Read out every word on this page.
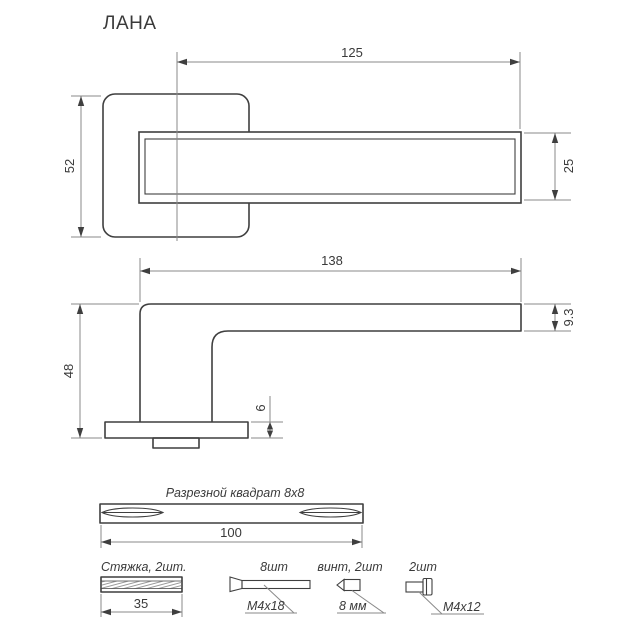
ЛАНА
125
52	25
138
48
9.3
6
Разрезной квадрат 8x8
100
Стяжка, 2шт.
35
8шт
M4x18
винт, 2шт
8 мм
2шт
M4x12
